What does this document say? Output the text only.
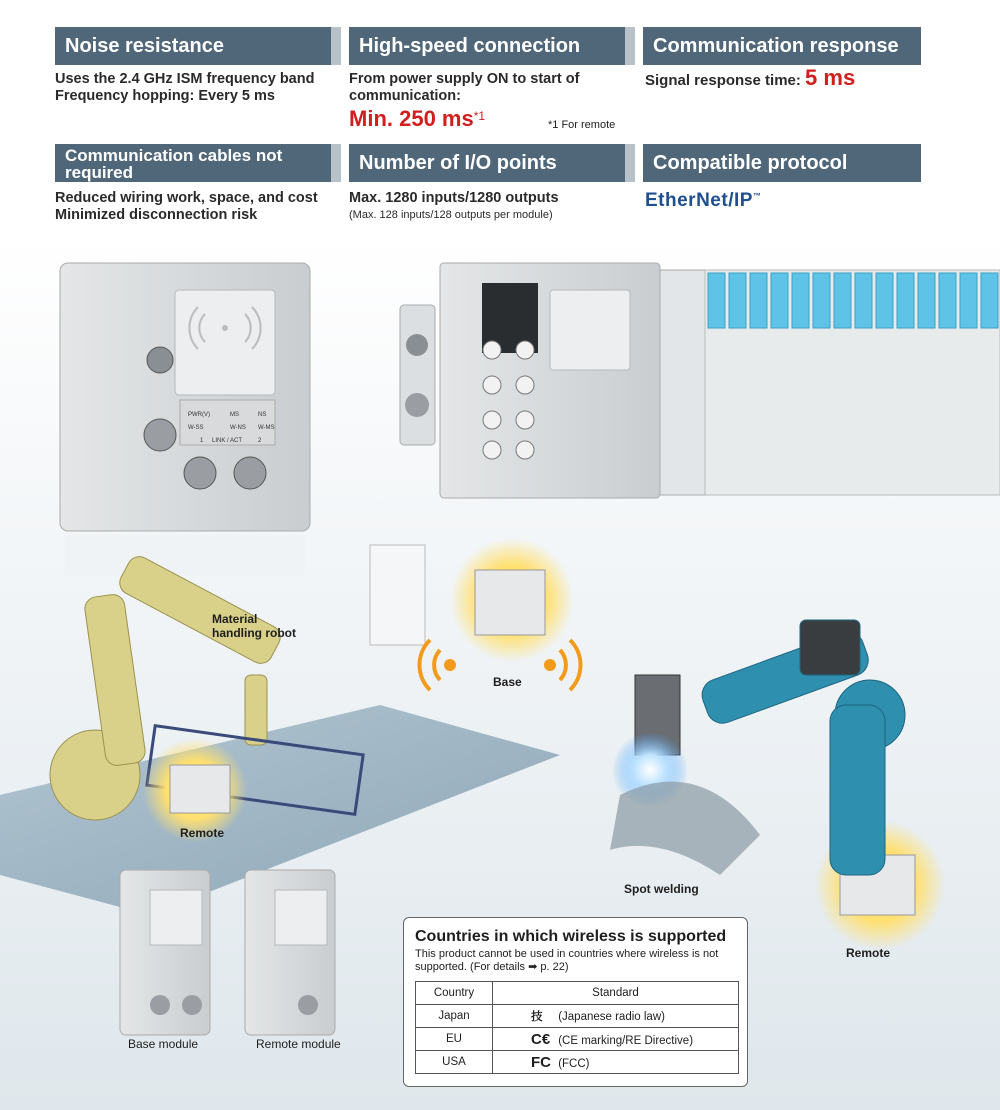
Noise resistance	High-speed connection	Communication response
Uses the 2.4 GHz ISM frequency band
Frequency hopping: Every 5 ms
From power supply ON to start of
communication:
Min. 250 $ms^{*1}$
*1 For remote
Signal response time: 5 ms
Communication cables not
required	Number of I/O points	Compatible protocol
Reduced wiring work, space, and cost
Minimized disconnection risk
Max. 1280 inputs/1280 outputs
(Max. 128 inputs/128 outputs per module)
EtherNet/IP™
PWR(V)	MS	NS
W-SS	W-NS W-MS
1 LINK / ACT	2
Material
handling robot
Base
Remote
Spot welding
Remote
Base module	Remote module
Countries in which wireless is supported
This product cannot be used in countries where wireless is not supported. (For details ➡ p. 22)
Country	Standard
Japan	技 (Japanese radio law)
EU	C€ (CE marking/RE Directive)
USA	FC (FCC)
